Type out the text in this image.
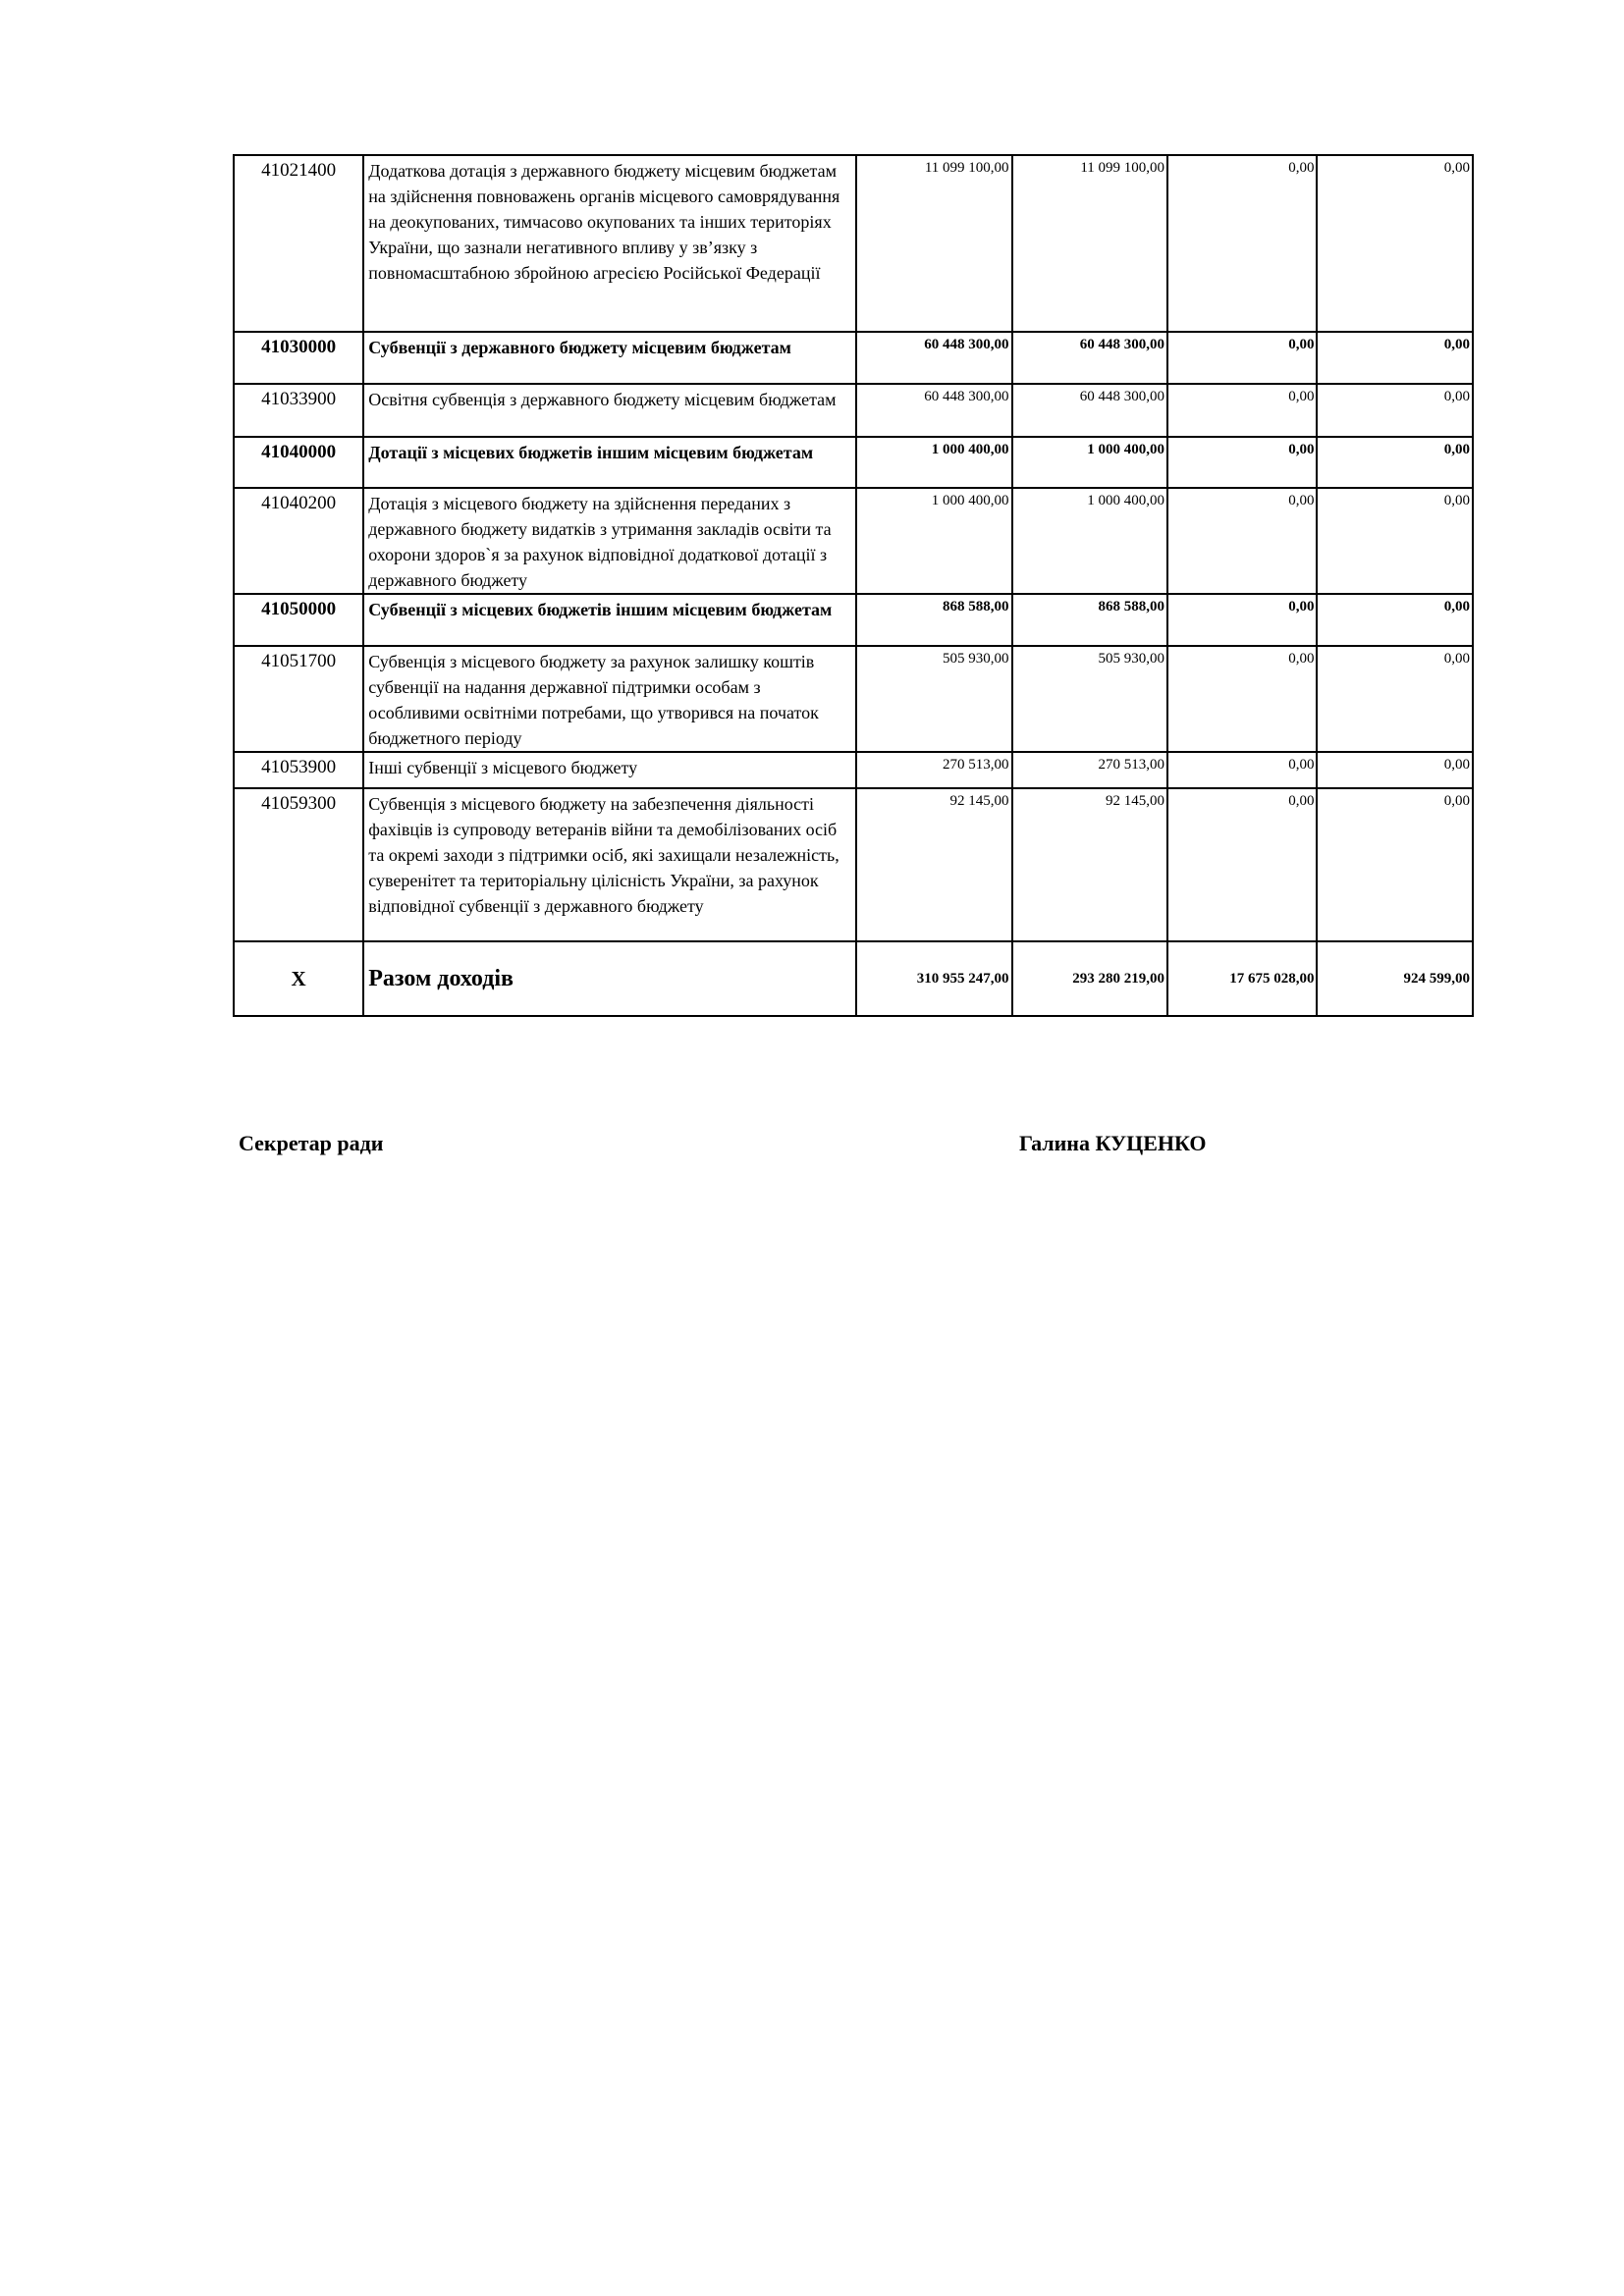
41021400	Додаткова дотація з державного бюджету місцевим бюджетам на здійснення повноважень органів місцевого самоврядування на деокупованих, тимчасово окупованих та інших територіях України, що зазнали негативного впливу у зв’язку з повномасштабною збройною агресією Російської Федерації	11 099 100,00	11 099 100,00	0,00	0,00
41030000	Субвенції з державного бюджету місцевим бюджетам	60 448 300,00	60 448 300,00	0,00	0,00
41033900	Освітня субвенція з державного бюджету місцевим бюджетам	60 448 300,00	60 448 300,00	0,00	0,00
41040000	Дотації з місцевих бюджетів іншим місцевим бюджетам	1 000 400,00	1 000 400,00	0,00	0,00
41040200	Дотація з місцевого бюджету на здійснення переданих з державного бюджету видатків з утримання закладів освіти та охорони здоров`я за рахунок відповідної додаткової дотації з державного бюджету	1 000 400,00	1 000 400,00	0,00	0,00
41050000	Субвенції з місцевих бюджетів іншим місцевим бюджетам	868 588,00	868 588,00	0,00	0,00
41051700	Субвенція з місцевого бюджету за рахунок залишку коштів субвенції на надання державної підтримки особам з особливими освітніми потребами, що утворився на початок бюджетного періоду	505 930,00	505 930,00	0,00	0,00
41053900	Інші субвенції з місцевого бюджету	270 513,00	270 513,00	0,00	0,00
41059300	Субвенція з місцевого бюджету на забезпечення діяльності фахівців із супроводу ветеранів війни та демобілізованих осіб та окремі заходи з підтримки осіб, які захищали незалежність, суверенітет та територіальну цілісність України, за рахунок відповідної субвенції з державного бюджету	92 145,00	92 145,00	0,00	0,00
Х	Разом доходів	310 955 247,00	293 280 219,00	17 675 028,00	924 599,00
Секретар ради	Галина КУЦЕНКО
